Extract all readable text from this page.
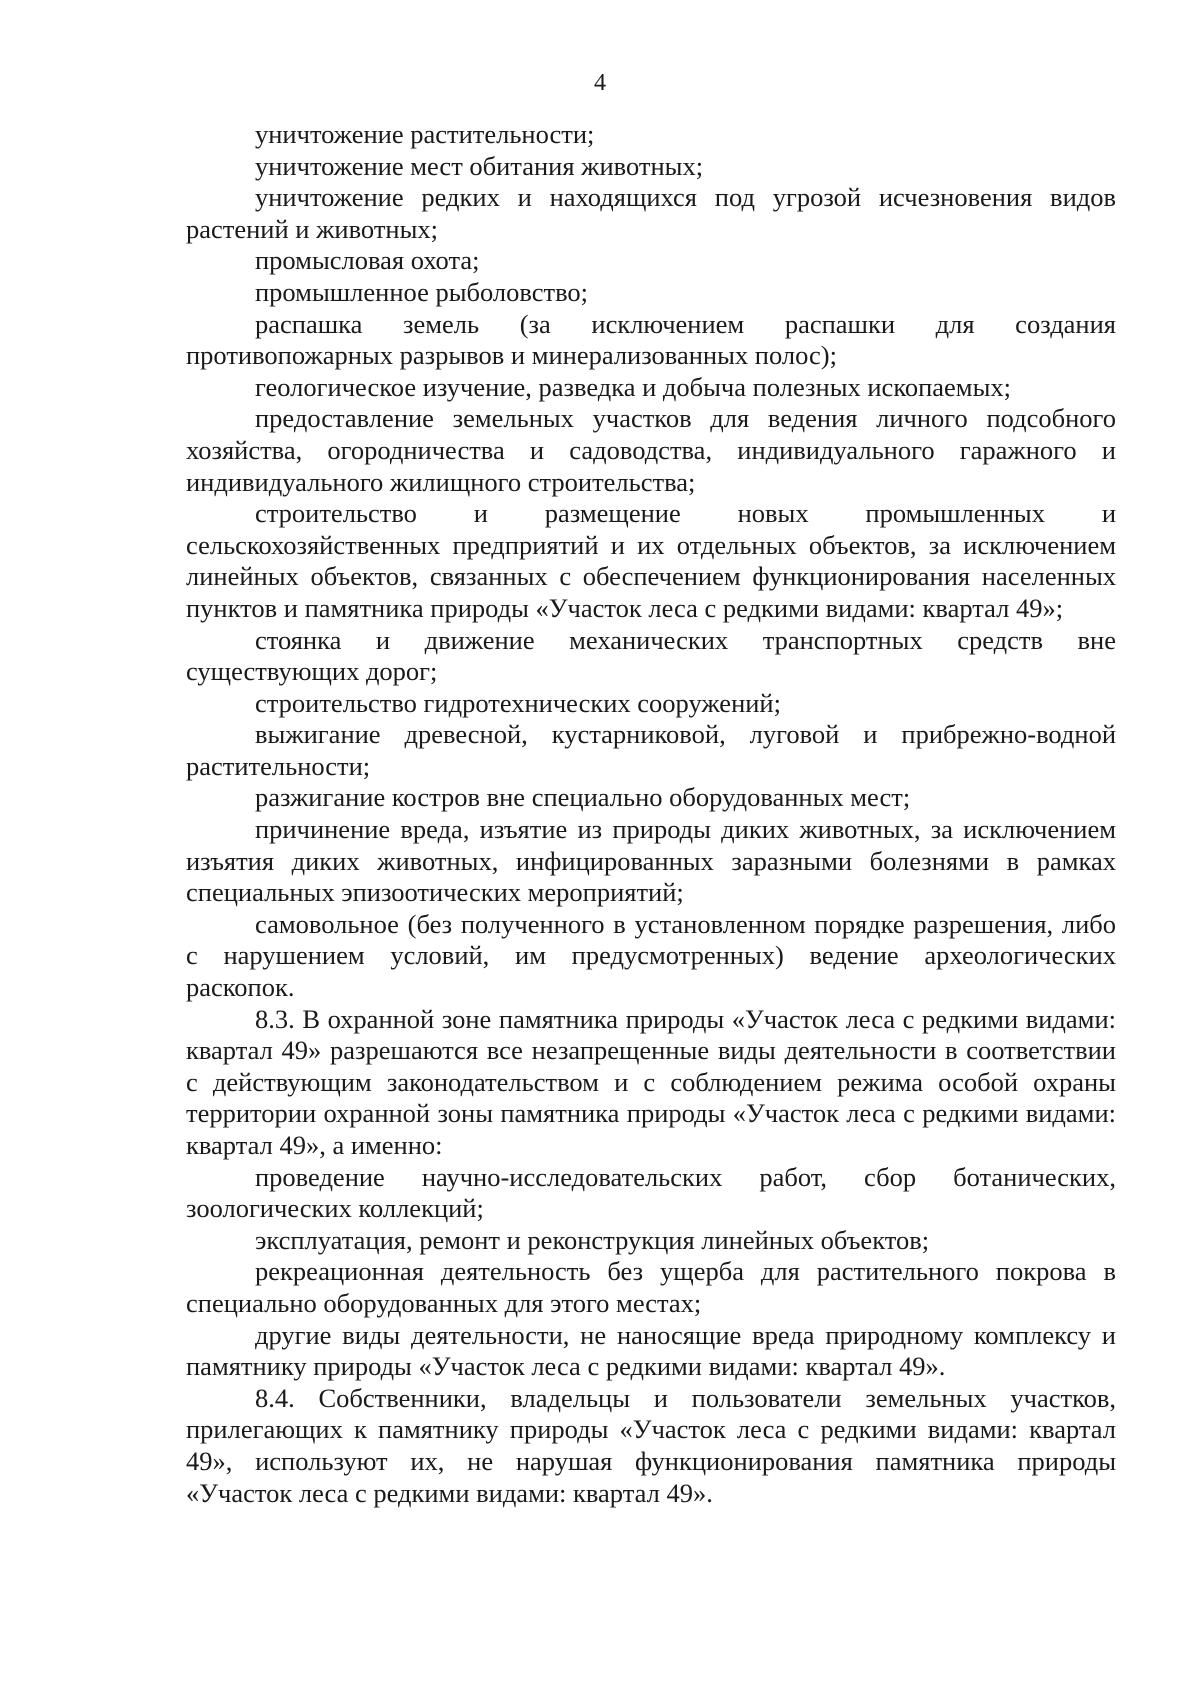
4

уничтожение растительности;

уничтожение мест обитания животных;

уничтожение редких и находящихся под угрозой исчезновения видов растений и животных;

промысловая охота;

промышленное рыболовство;

распашка земель (за исключением распашки для создания противопожарных разрывов и минерализованных полос);

геологическое изучение, разведка и добыча полезных ископаемых;

предоставление земельных участков для ведения личного подсобного хозяйства, огородничества и садоводства, индивидуального гаражного и индивидуального жилищного строительства;

строительство и размещение новых промышленных и сельскохозяйственных предприятий и их отдельных объектов, за исключением линейных объектов, связанных с обеспечением функционирования населенных пунктов и памятника природы «Участок леса с редкими видами: квартал 49»;

стоянка и движение механических транспортных средств вне существующих дорог;

строительство гидротехнических сооружений;

выжигание древесной, кустарниковой, луговой и прибрежно-водной растительности;

разжигание костров вне специально оборудованных мест;

причинение вреда, изъятие из природы диких животных, за исключением изъятия диких животных, инфицированных заразными болезнями в рамках специальных эпизоотических мероприятий;

самовольное (без полученного в установленном порядке разрешения, либо с нарушением условий, им предусмотренных) ведение археологических раскопок.

8.3. В охранной зоне памятника природы «Участок леса с редкими видами: квартал 49» разрешаются все незапрещенные виды деятельности в соответствии с действующим законодательством и с соблюдением режима особой охраны территории охранной зоны памятника природы «Участок леса с редкими видами: квартал 49», а именно:

проведение научно-исследовательских работ, сбор ботанических, зоологических коллекций;

эксплуатация, ремонт и реконструкция линейных объектов;

рекреационная деятельность без ущерба для растительного покрова в специально оборудованных для этого местах;

другие виды деятельности, не наносящие вреда природному комплексу и памятнику природы «Участок леса с редкими видами: квартал 49».

8.4. Собственники, владельцы и пользователи земельных участков, прилегающих к памятнику природы «Участок леса с редкими видами: квартал 49», используют их, не нарушая функционирования памятника природы «Участок леса с редкими видами: квартал 49».
